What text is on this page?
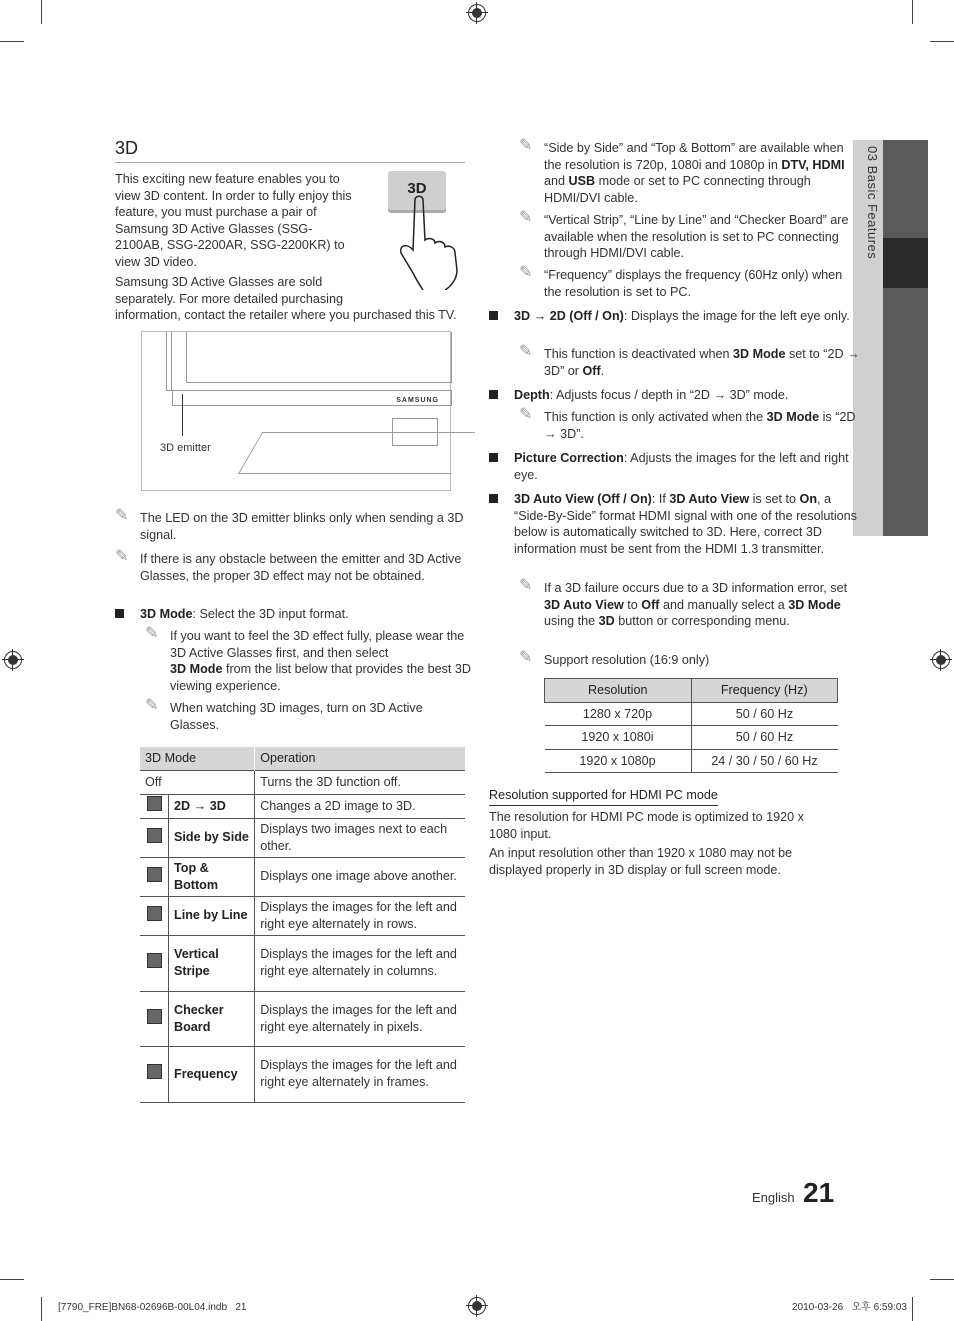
03 Basic Features
3D

This exciting new feature enables you to view 3D content. In order to fully enjoy this feature, you must purchase a pair of Samsung 3D Active Glasses (SSG-2100AB, SSG-2200AR, SSG-2200KR) to view 3D video.

Samsung 3D Active Glasses are sold separately. For more detailed purchasing

information, contact the retailer where you purchased this TV.

3D
SAMSUNG
3D emitter
✎ The LED on the 3D emitter blinks only when sending a 3D signal.
✎ If there is any obstacle between the emitter and 3D Active Glasses, the proper 3D effect may not be obtained.
3D Mode: Select the 3D input format.
✎ If you want to feel the 3D effect fully, please wear the 3D Active Glasses first, and then select
3D Mode from the list below that provides the best 3D viewing experience.
✎ When watching 3D images, turn on 3D Active Glasses.
3D Mode		Operation
Off		Turns the 3D function off.
	2D → 3D	Changes a 2D image to 3D.
	Side by Side	Displays two images next to each other.
	Top & Bottom	Displays one image above another.
	Line by Line	Displays the images for the left and right eye alternately in rows.
	Vertical Stripe	Displays the images for the left and right eye alternately in columns.
	Checker Board	Displays the images for the left and right eye alternately in pixels.
	Frequency	Displays the images for the left and right eye alternately in frames.
✎ “Side by Side” and “Top & Bottom” are available when the resolution is 720p, 1080i and 1080p in DTV, HDMI and USB mode or set to PC connecting through HDMI/DVI cable.
✎ “Vertical Strip”, “Line by Line” and “Checker Board” are available when the resolution is set to PC connecting through HDMI/DVI cable.
✎ “Frequency” displays the frequency (60Hz only) when the resolution is set to PC.
3D → 2D (Off / On): Displays the image for the left eye only.
✎ This function is deactivated when 3D Mode set to “2D → 3D” or Off.
Depth: Adjusts focus / depth in “2D → 3D” mode.
✎ This function is only activated when the 3D Mode is “2D → 3D”.
Picture Correction: Adjusts the images for the left and right eye.
3D Auto View (Off / On): If 3D Auto View is set to On, a “Side-By-Side” format HDMI signal with one of the resolutions below is automatically switched to 3D. Here, correct 3D information must be sent from the HDMI 1.3 transmitter.
✎ If a 3D failure occurs due to a 3D information error, set 3D Auto View to Off and manually select a 3D Mode using the 3D button or corresponding menu.
✎ Support resolution (16:9 only)
Resolution	Frequency (Hz)
1280 x 720p	50 / 60 Hz
1920 x 1080i	50 / 60 Hz
1920 x 1080p	24 / 30 / 50 / 60 Hz
Resolution supported for HDMI PC mode

The resolution for HDMI PC mode is optimized to 1920 x 1080 input.

An input resolution other than 1920 x 1080 may not be displayed properly in 3D display or full screen mode.

English 21
[7790_FRE]BN68-02696B-00L04.indb   21	2010-03-26   오후 6:59:03
